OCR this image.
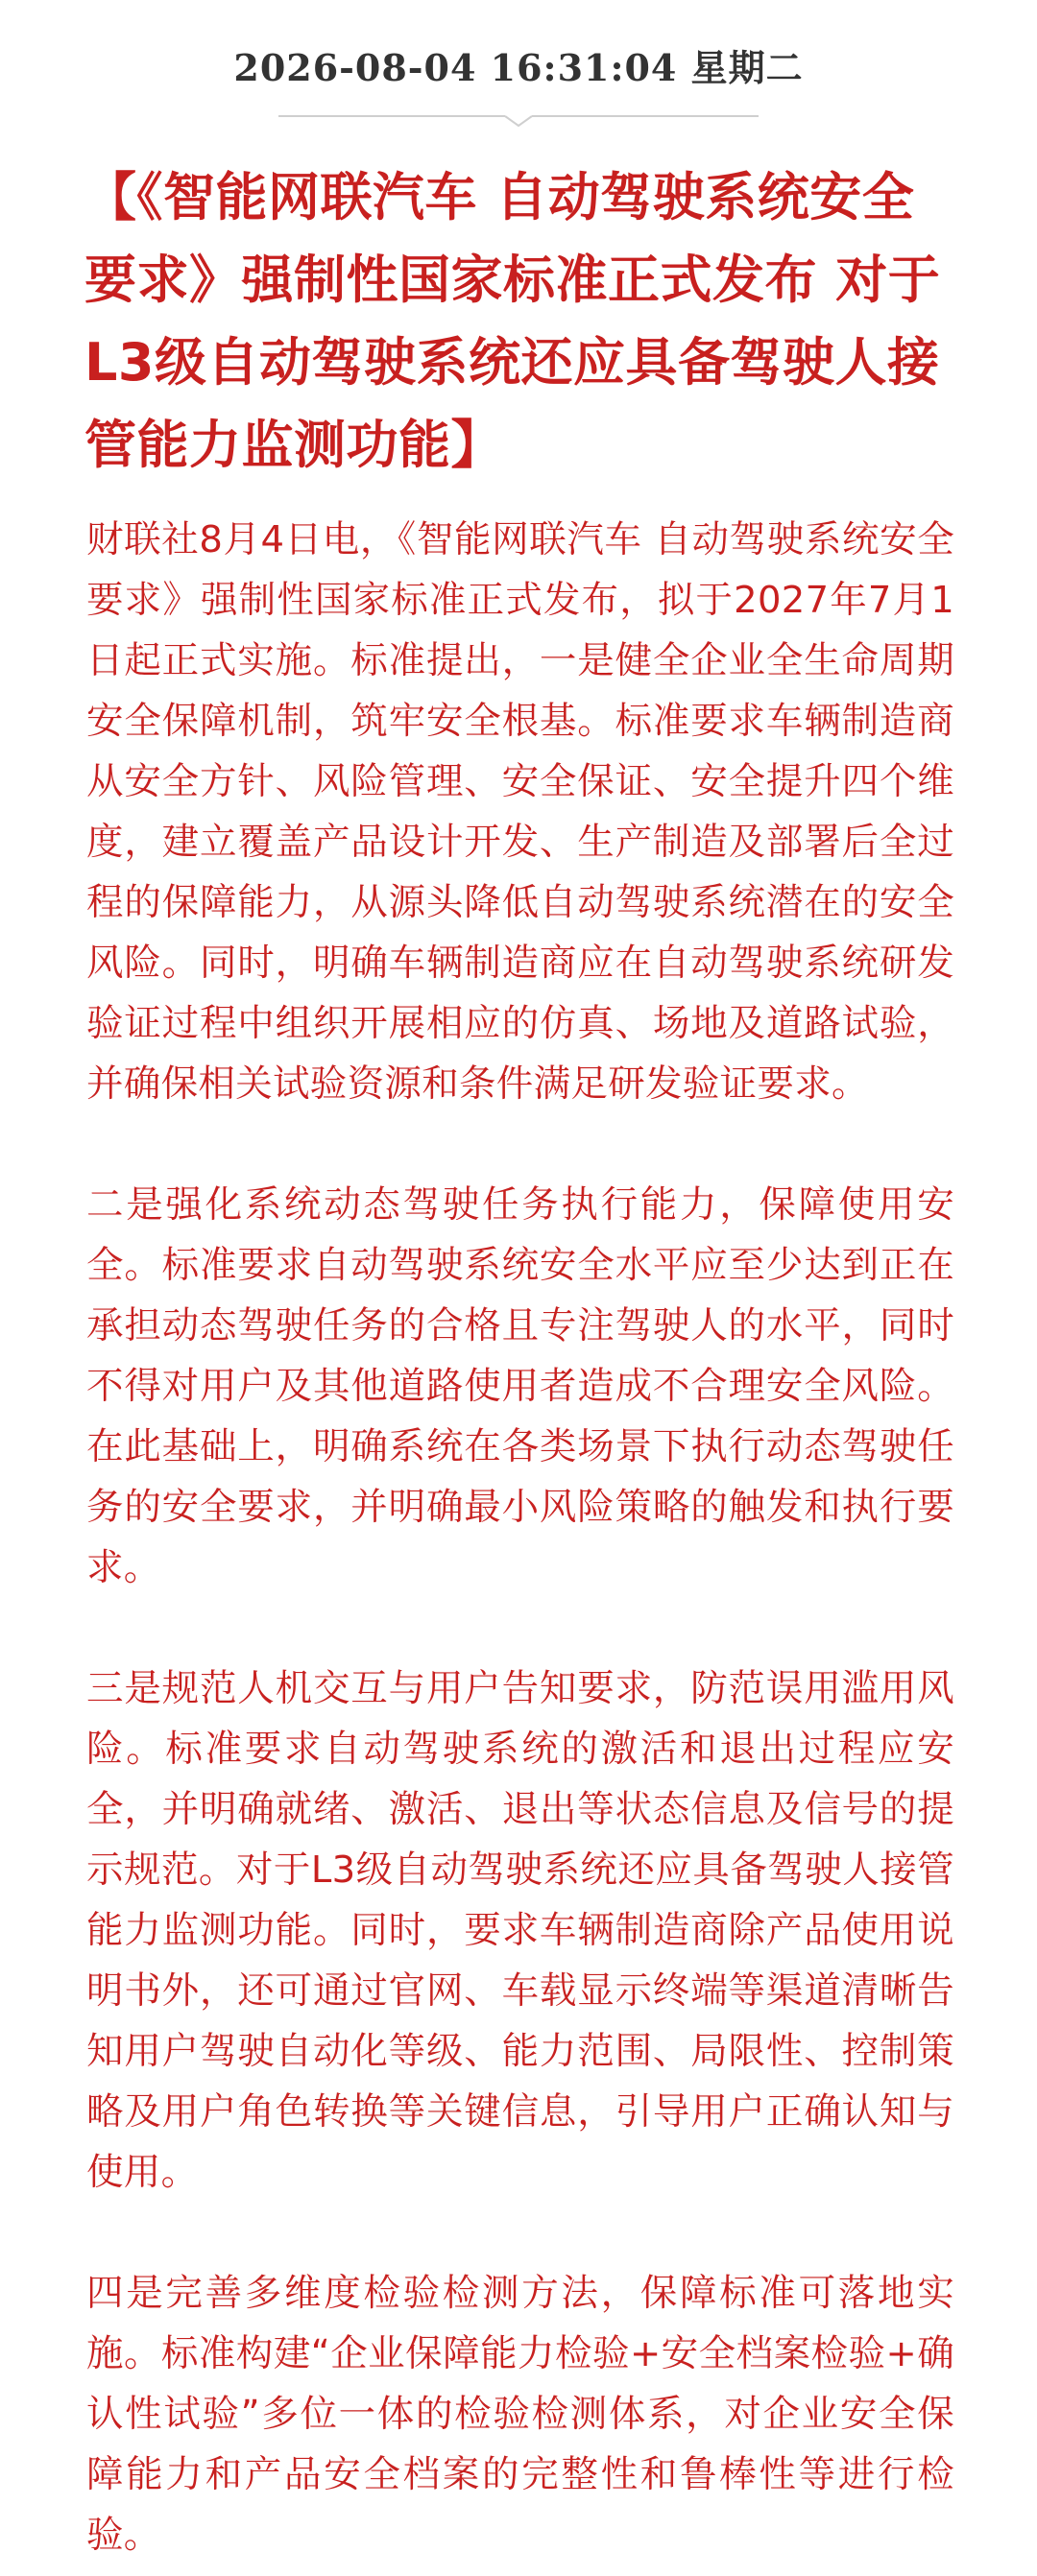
2026-08-04 16:31:04 星期二
【《智能网联汽车 自动驾驶系统安全要求》强制性国家标准正式发布 对于L3级自动驾驶系统还应具备驾驶人接管能力监测功能】

财联社8月4日电，《智能网联汽车 自动驾驶系统安全要求》强制性国家标准正式发布，拟于2027年7月1日起正式实施。标准提出，一是健全企业全生命周期安全保障机制，筑牢安全根基。标准要求车辆制造商从安全方针、风险管理、安全保证、安全提升四个维度，建立覆盖产品设计开发、生产制造及部署后全过程的保障能力，从源头降低自动驾驶系统潜在的安全风险。同时，明确车辆制造商应在自动驾驶系统研发验证过程中组织开展相应的仿真、场地及道路试验，并确保相关试验资源和条件满足研发验证要求。

二是强化系统动态驾驶任务执行能力，保障使用安全。标准要求自动驾驶系统安全水平应至少达到正在承担动态驾驶任务的合格且专注驾驶人的水平，同时不得对用户及其他道路使用者造成不合理安全风险。在此基础上，明确系统在各类场景下执行动态驾驶任务的安全要求，并明确最小风险策略的触发和执行要求。

三是规范人机交互与用户告知要求，防范误用滥用风险。标准要求自动驾驶系统的激活和退出过程应安全，并明确就绪、激活、退出等状态信息及信号的提示规范。对于L3级自动驾驶系统还应具备驾驶人接管能力监测功能。同时，要求车辆制造商除产品使用说明书外，还可通过官网、车载显示终端等渠道清晰告知用户驾驶自动化等级、能力范围、局限性、控制策略及用户角色转换等关键信息，引导用户正确认知与使用。

四是完善多维度检验检测方法，保障标准可落地实施。标准构建“企业保障能力检验+安全档案检验+确认性试验”多位一体的检验检测体系，对企业安全保障能力和产品安全档案的完整性和鲁棒性等进行检验。
